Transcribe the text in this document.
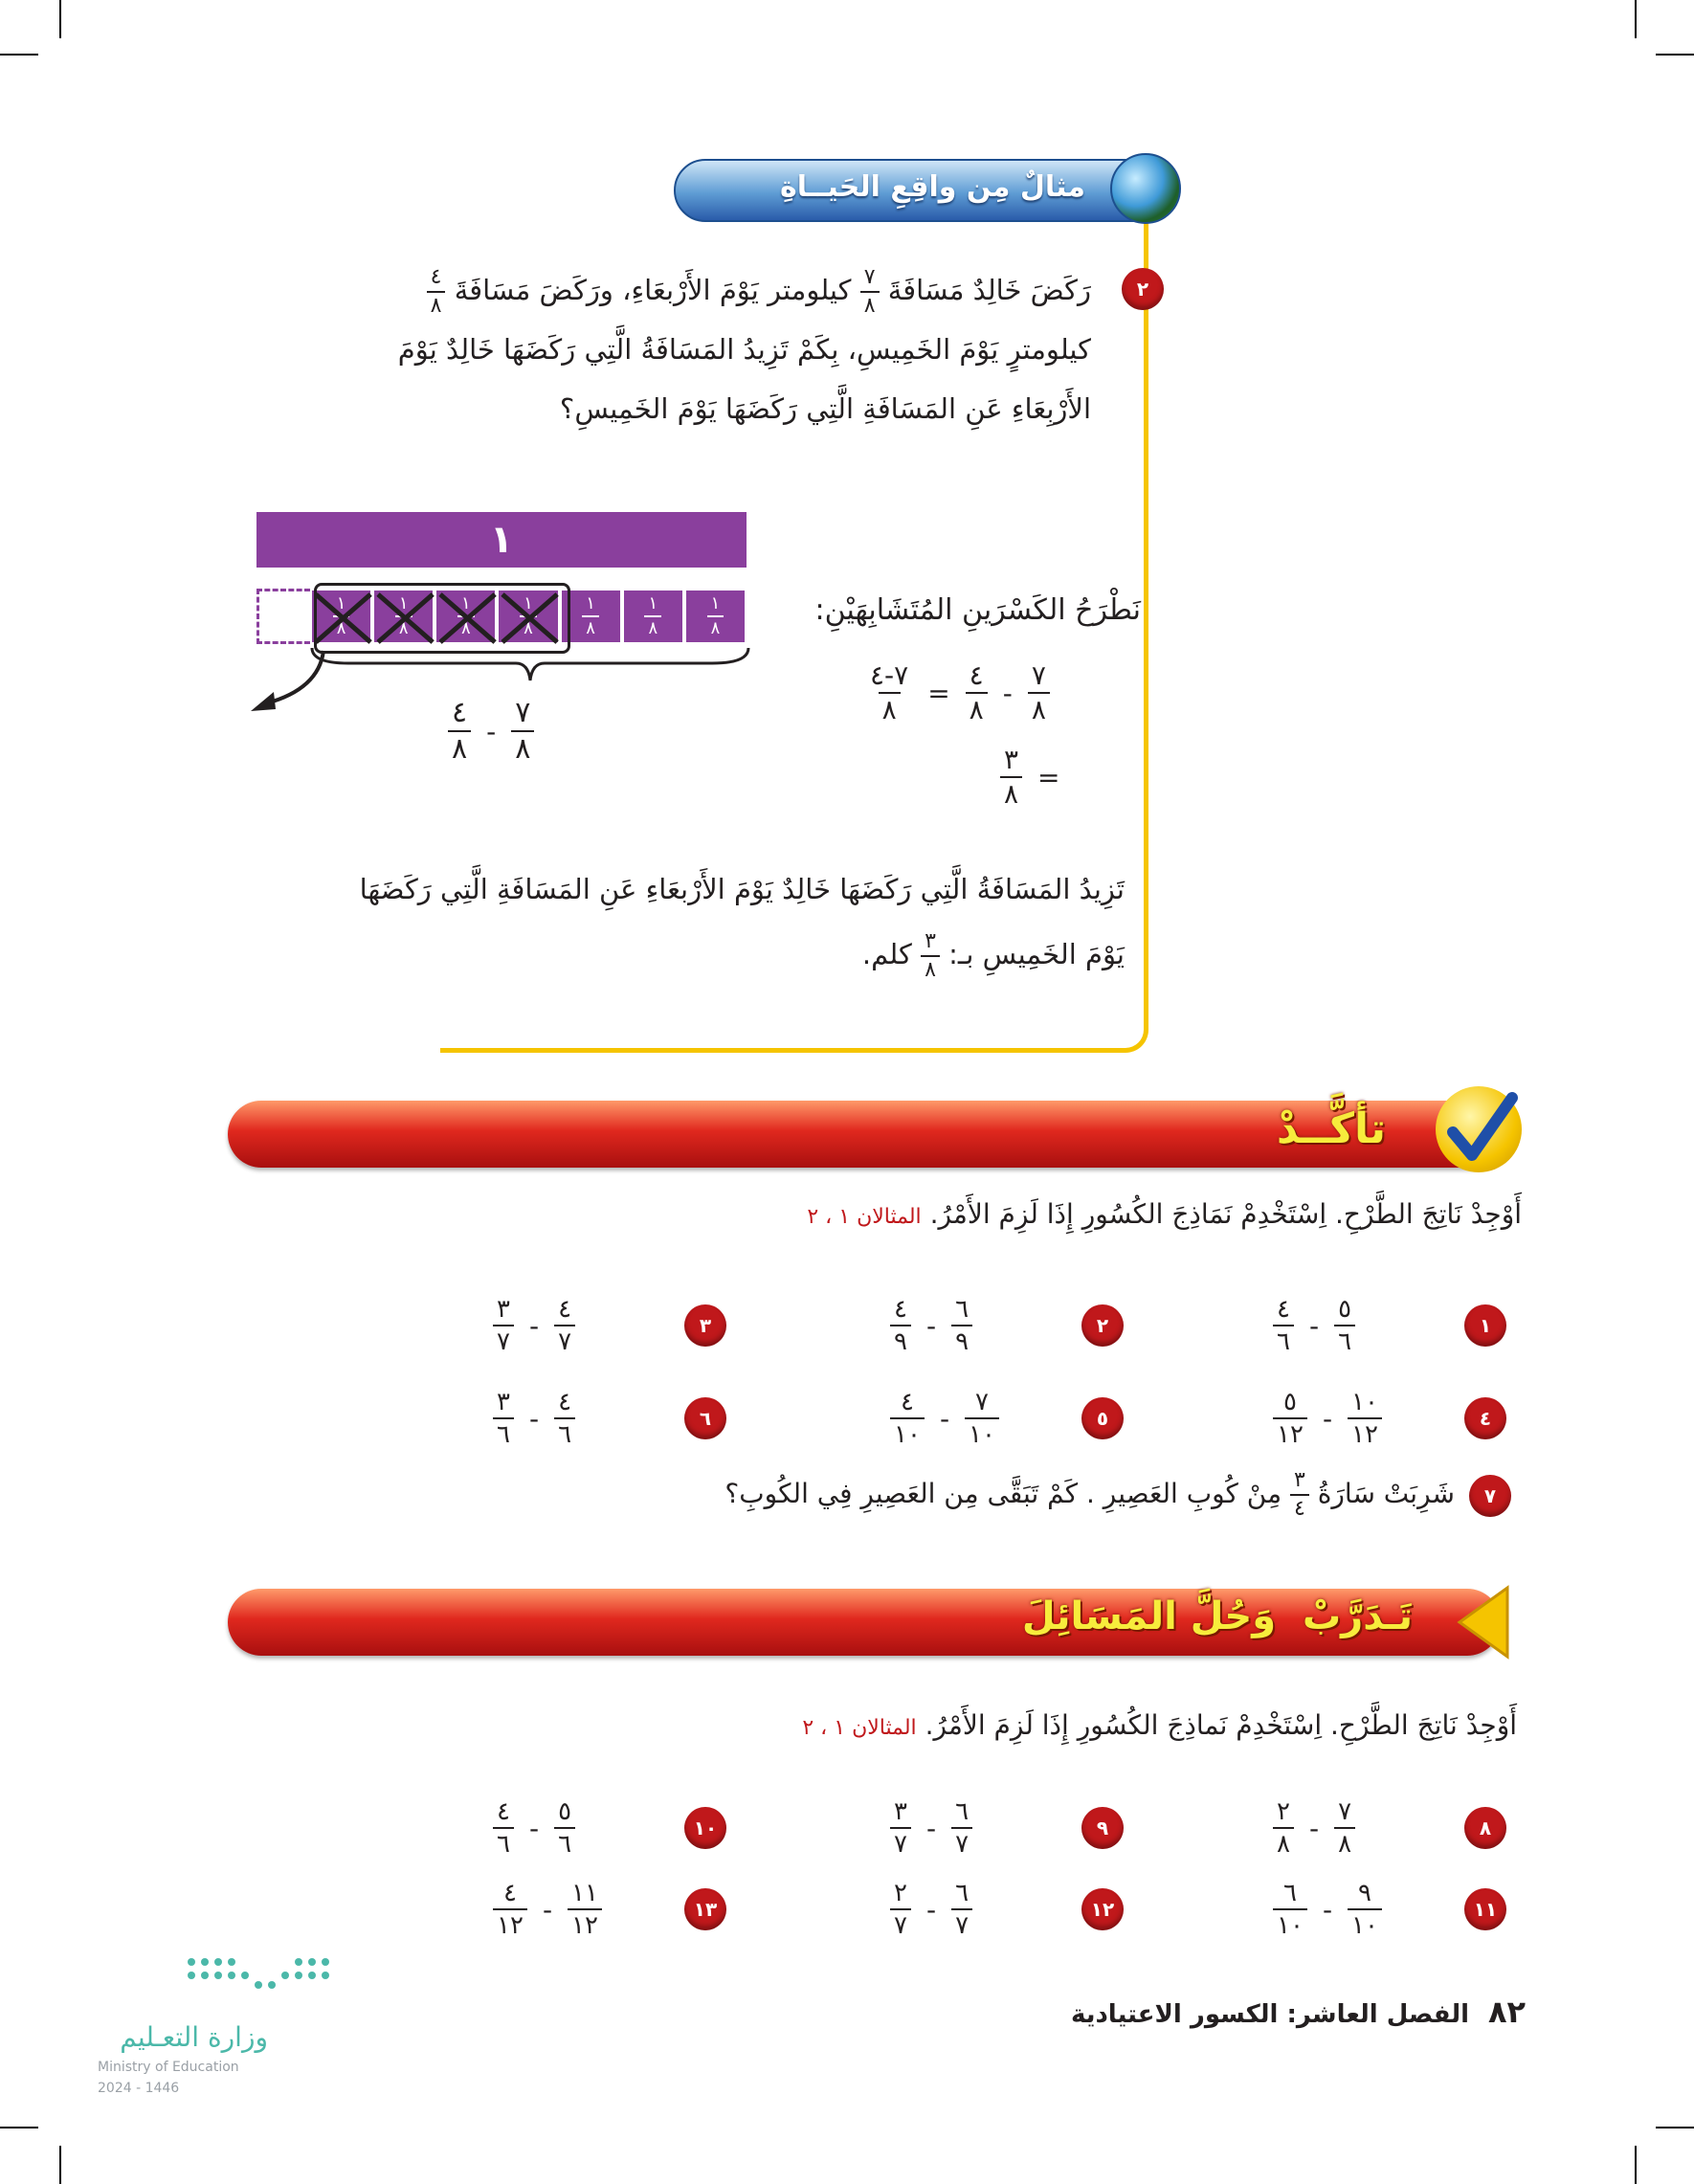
مثالٌ مِن واقِعِ الحَيــاةِ
٢
رَكَضَ خَالِدٌ مَسَافَةَ
٧
٨
كيلومتر يَوْمَ الأَرْبعَاءِ، ورَكَضَ مَسَافَةَ
٤
٨
كيلومترٍ يَوْمَ الخَمِيسِ، بِكَمْ تَزِيدُ المَسَافَةُ الَّتِي رَكَضَهَا خَالِدٌ يَوْمَ
الأَرْبِعَاءِ عَنِ المَسَافَةِ الَّتِي رَكَضَهَا يَوْمَ الخَمِيسِ؟
١
١
٨
١
٨
١
٨
١
٨
١
٨
١
٨
١
٨
٤
٨
-
٧
٨
نَطْرَحُ الكَسْرَينِ المُتَشَابِهَيْنِ:
٧-٤
٨
=
٤
٨
-
٧
٨
٣
٨
=
تَزِيدُ المَسَافَةُ الَّتِي رَكَضَهَا خَالِدٌ يَوْمَ الأَرْبعَاءِ عَنِ المَسَافَةِ الَّتِي رَكَضَهَا
يَوْمَ الخَمِيسِ بـ:
٣
٨
كلم.
تأكَّــدْ
أَوْجِدْ نَاتِجَ الطَّرْحِ. اِسْتَخْدِمْ نَمَاذِجَ الكُسُورِ إِذَا لَزِمَ الأَمْرُ. المثالان ١ ، ٢
١
٤
٦
-
٥
٦
٢
٤
٩
-
٦
٩
٣
٣
٧
-
٤
٧
٤
٥
١٢
-
١٠
١٢
٥
٤
١٠
-
٧
١٠
٦
٣
٦
-
٤
٦
٧
شَرِبَتْ سَارَةُ
٣
٤
مِنْ كُوبِ العَصِيرِ . كَمْ تَبَقَّى مِن العَصِيرِ فِي الكُوبِ؟
تَـدَرَّبْ  وَحُلَّ المَسَائِلَ
أَوْجِدْ نَاتِجَ الطَّرْحِ. اِسْتَخْدِمْ نَماذِجَ الكُسُورِ إِذَا لَزِمَ الأَمْرُ. المثالان ١ ، ٢
٨
٢
٨
-
٧
٨
٩
٣
٧
-
٦
٧
١٠
٤
٦
-
٥
٦
١١
٦
١٠
-
٩
١٠
١٢
٢
٧
-
٦
٧
١٣
٤
١٢
-
١١
١٢
وزارة التعـليم
Ministry of Education
2024 - 1446
الفصل العاشر: الكسور الاعتيادية	٨٢
